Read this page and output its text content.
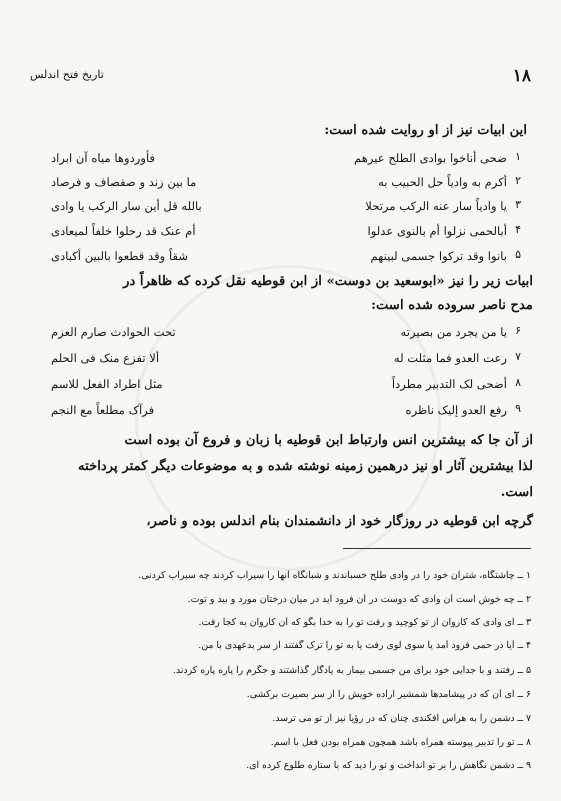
۱۸
تاریخ فتح اندلس
این ابیات نیز از او روایت شده است:
۱
ضحی أناخوا بوادی الطلح عیرهم
فأوردوها میاه آن ابراد
۲
أکرم به وادیاً حل الحبیب به
ما بین زند و صفصاف و فرصاد
۳
یا وادیاً سار عنه الرکب مرتحلا
بالله قل أین سار الرکب یا وادی
۴
أبالحمی نزلوا أم بالنوی عدلوا
أم عنک قد رحلوا خلفاً لمیعادی
۵
بانوا وقد تركوا جسمی لبینهم
شقاً وقد قطعوا بالبین أکبادی
ابیات زیر را نیز «ابوسعید بن دوست» از ابن قوطیه نقل کرده که ظاهراً در
مدح ناصر سروده شده است:
۶
یا من یجرد من بصیرته
تحت الحوادث صارم العزم
۷
رعت العدو فما مثلت له
ألا تفزع منک فی الحلم
۸
أضحی لک التدبیر مطرداً
مثل اطراد الفعل للاسم
۹
رفع العدو إلیک ناظره
فرآک مطلعاً مع النجم
از آن جا که بیشترین انس وارتباط ابن قوطیه با زبان و فروع آن بوده است
لذا بیشترین آثار او نیز درهمین زمینه نوشته شده و به موضوعات دیگر کمتر پرداخته
است.
گرچه ابن قوطیه در روزگار خود از دانشمندان بنام اندلس بوده و ناصر،
۱ ــ چاشتگاه، شتران خود را در وادی طلح خسباندند و شبانگاه آنها را سیراب کردند چه سیراب کردنی.
۲ ــ چه خوش است آن وادی که دوست در آن فرود آید در میان درختان مورد و بید و توت.
۳ ــ ای وادی که کاروان از تو کوچید و رفت تو را به خدا بگو که آن کاروان به کجا رفت.
۴ ــ آیا در حمی فرود آمد یا سوی لوی رفت یا به تو را ترک گفتند از سر بدعهدی با من.
۵ ــ رفتند و با جدایی خود برای من جسمی بیمار به یادگار گذاشتند و جگرم را پاره پاره کردند.
۶ ــ ای آن که در پیشامدها شمشیر اراده خویش را از سر بصیرت برکشی.
۷ ــ دشمن را به هراس افکندی چنان که در رؤیا نیز از تو می ترسد.
۸ ــ تو را تدبیر پیوسته همراه باشد همچون همراه بودن فعل با اسم.
۹ ــ دشمن نگاهش را بر تو انداخت و تو را دید که با ستاره طلوع کرده ای.
